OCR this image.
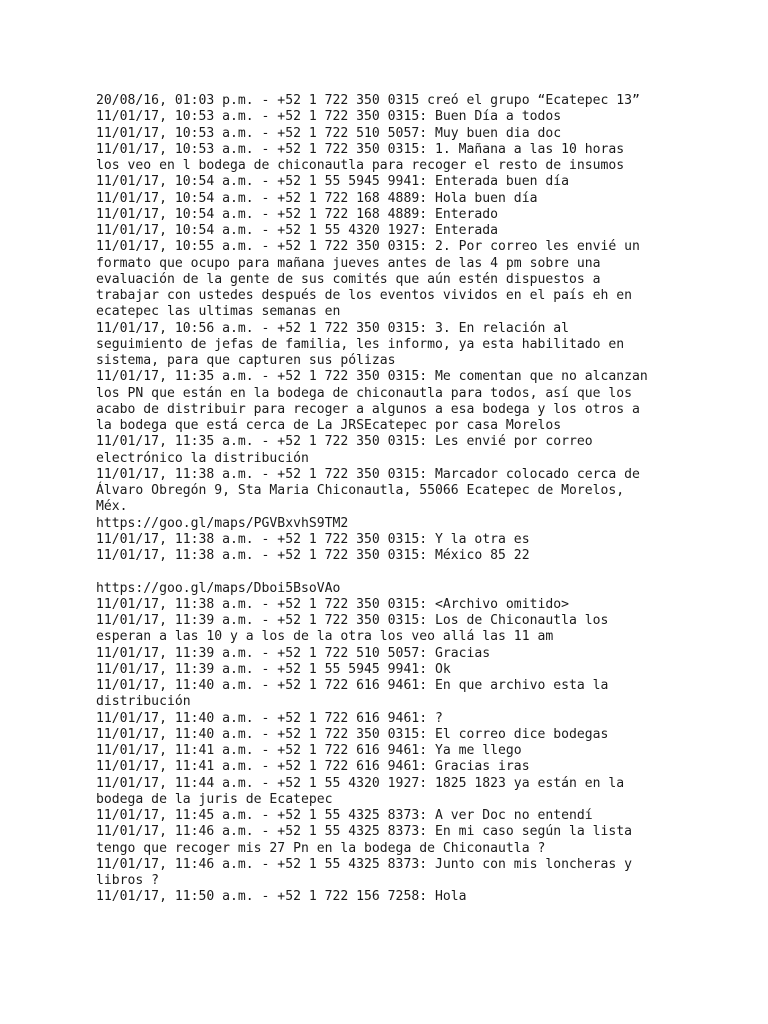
20/08/16, 01:03 p.m. - +52 1 722 350 0315 creó el grupo “Ecatepec 13”
11/01/17, 10:53 a.m. - +52 1 722 350 0315: Buen Día a todos
11/01/17, 10:53 a.m. - +52 1 722 510 5057: Muy buen dia doc
11/01/17, 10:53 a.m. - +52 1 722 350 0315: 1. Mañana a las 10 horas
los veo en l bodega de chiconautla para recoger el resto de insumos
11/01/17, 10:54 a.m. - +52 1 55 5945 9941: Enterada buen día
11/01/17, 10:54 a.m. - +52 1 722 168 4889: Hola buen día
11/01/17, 10:54 a.m. - +52 1 722 168 4889: Enterado
11/01/17, 10:54 a.m. - +52 1 55 4320 1927: Enterada
11/01/17, 10:55 a.m. - +52 1 722 350 0315: 2. Por correo les envié un
formato que ocupo para mañana jueves antes de las 4 pm sobre una
evaluación de la gente de sus comités que aún estén dispuestos a
trabajar con ustedes después de los eventos vividos en el país eh en
ecatepec las ultimas semanas en
11/01/17, 10:56 a.m. - +52 1 722 350 0315: 3. En relación al
seguimiento de jefas de familia, les informo, ya esta habilitado en
sistema, para que capturen sus pólizas
11/01/17, 11:35 a.m. - +52 1 722 350 0315: Me comentan que no alcanzan
los PN que están en la bodega de chiconautla para todos, así que los
acabo de distribuir para recoger a algunos a esa bodega y los otros a
la bodega que está cerca de La JRSEcatepec por casa Morelos
11/01/17, 11:35 a.m. - +52 1 722 350 0315: Les envié por correo
electrónico la distribución
11/01/17, 11:38 a.m. - +52 1 722 350 0315: Marcador colocado cerca de
Álvaro Obregón 9, Sta Maria Chiconautla, 55066 Ecatepec de Morelos,
Méx.
https://goo.gl/maps/PGVBxvhS9TM2
11/01/17, 11:38 a.m. - +52 1 722 350 0315: Y la otra es
11/01/17, 11:38 a.m. - +52 1 722 350 0315: México 85 22
https://goo.gl/maps/Dboi5BsoVAo
11/01/17, 11:38 a.m. - +52 1 722 350 0315: <Archivo omitido>
11/01/17, 11:39 a.m. - +52 1 722 350 0315: Los de Chiconautla los
esperan a las 10 y a los de la otra los veo allá las 11 am
11/01/17, 11:39 a.m. - +52 1 722 510 5057: Gracias
11/01/17, 11:39 a.m. - +52 1 55 5945 9941: Ok
11/01/17, 11:40 a.m. - +52 1 722 616 9461: En que archivo esta la
distribución
11/01/17, 11:40 a.m. - +52 1 722 616 9461: ?
11/01/17, 11:40 a.m. - +52 1 722 350 0315: El correo dice bodegas
11/01/17, 11:41 a.m. - +52 1 722 616 9461: Ya me llego
11/01/17, 11:41 a.m. - +52 1 722 616 9461: Gracias iras
11/01/17, 11:44 a.m. - +52 1 55 4320 1927: 1825 1823 ya están en la
bodega de la juris de Ecatepec
11/01/17, 11:45 a.m. - +52 1 55 4325 8373: A ver Doc no entendí
11/01/17, 11:46 a.m. - +52 1 55 4325 8373: En mi caso según la lista
tengo que recoger mis 27 Pn en la bodega de Chiconautla ?
11/01/17, 11:46 a.m. - +52 1 55 4325 8373: Junto con mis loncheras y
libros ?
11/01/17, 11:50 a.m. - +52 1 722 156 7258: Hola
